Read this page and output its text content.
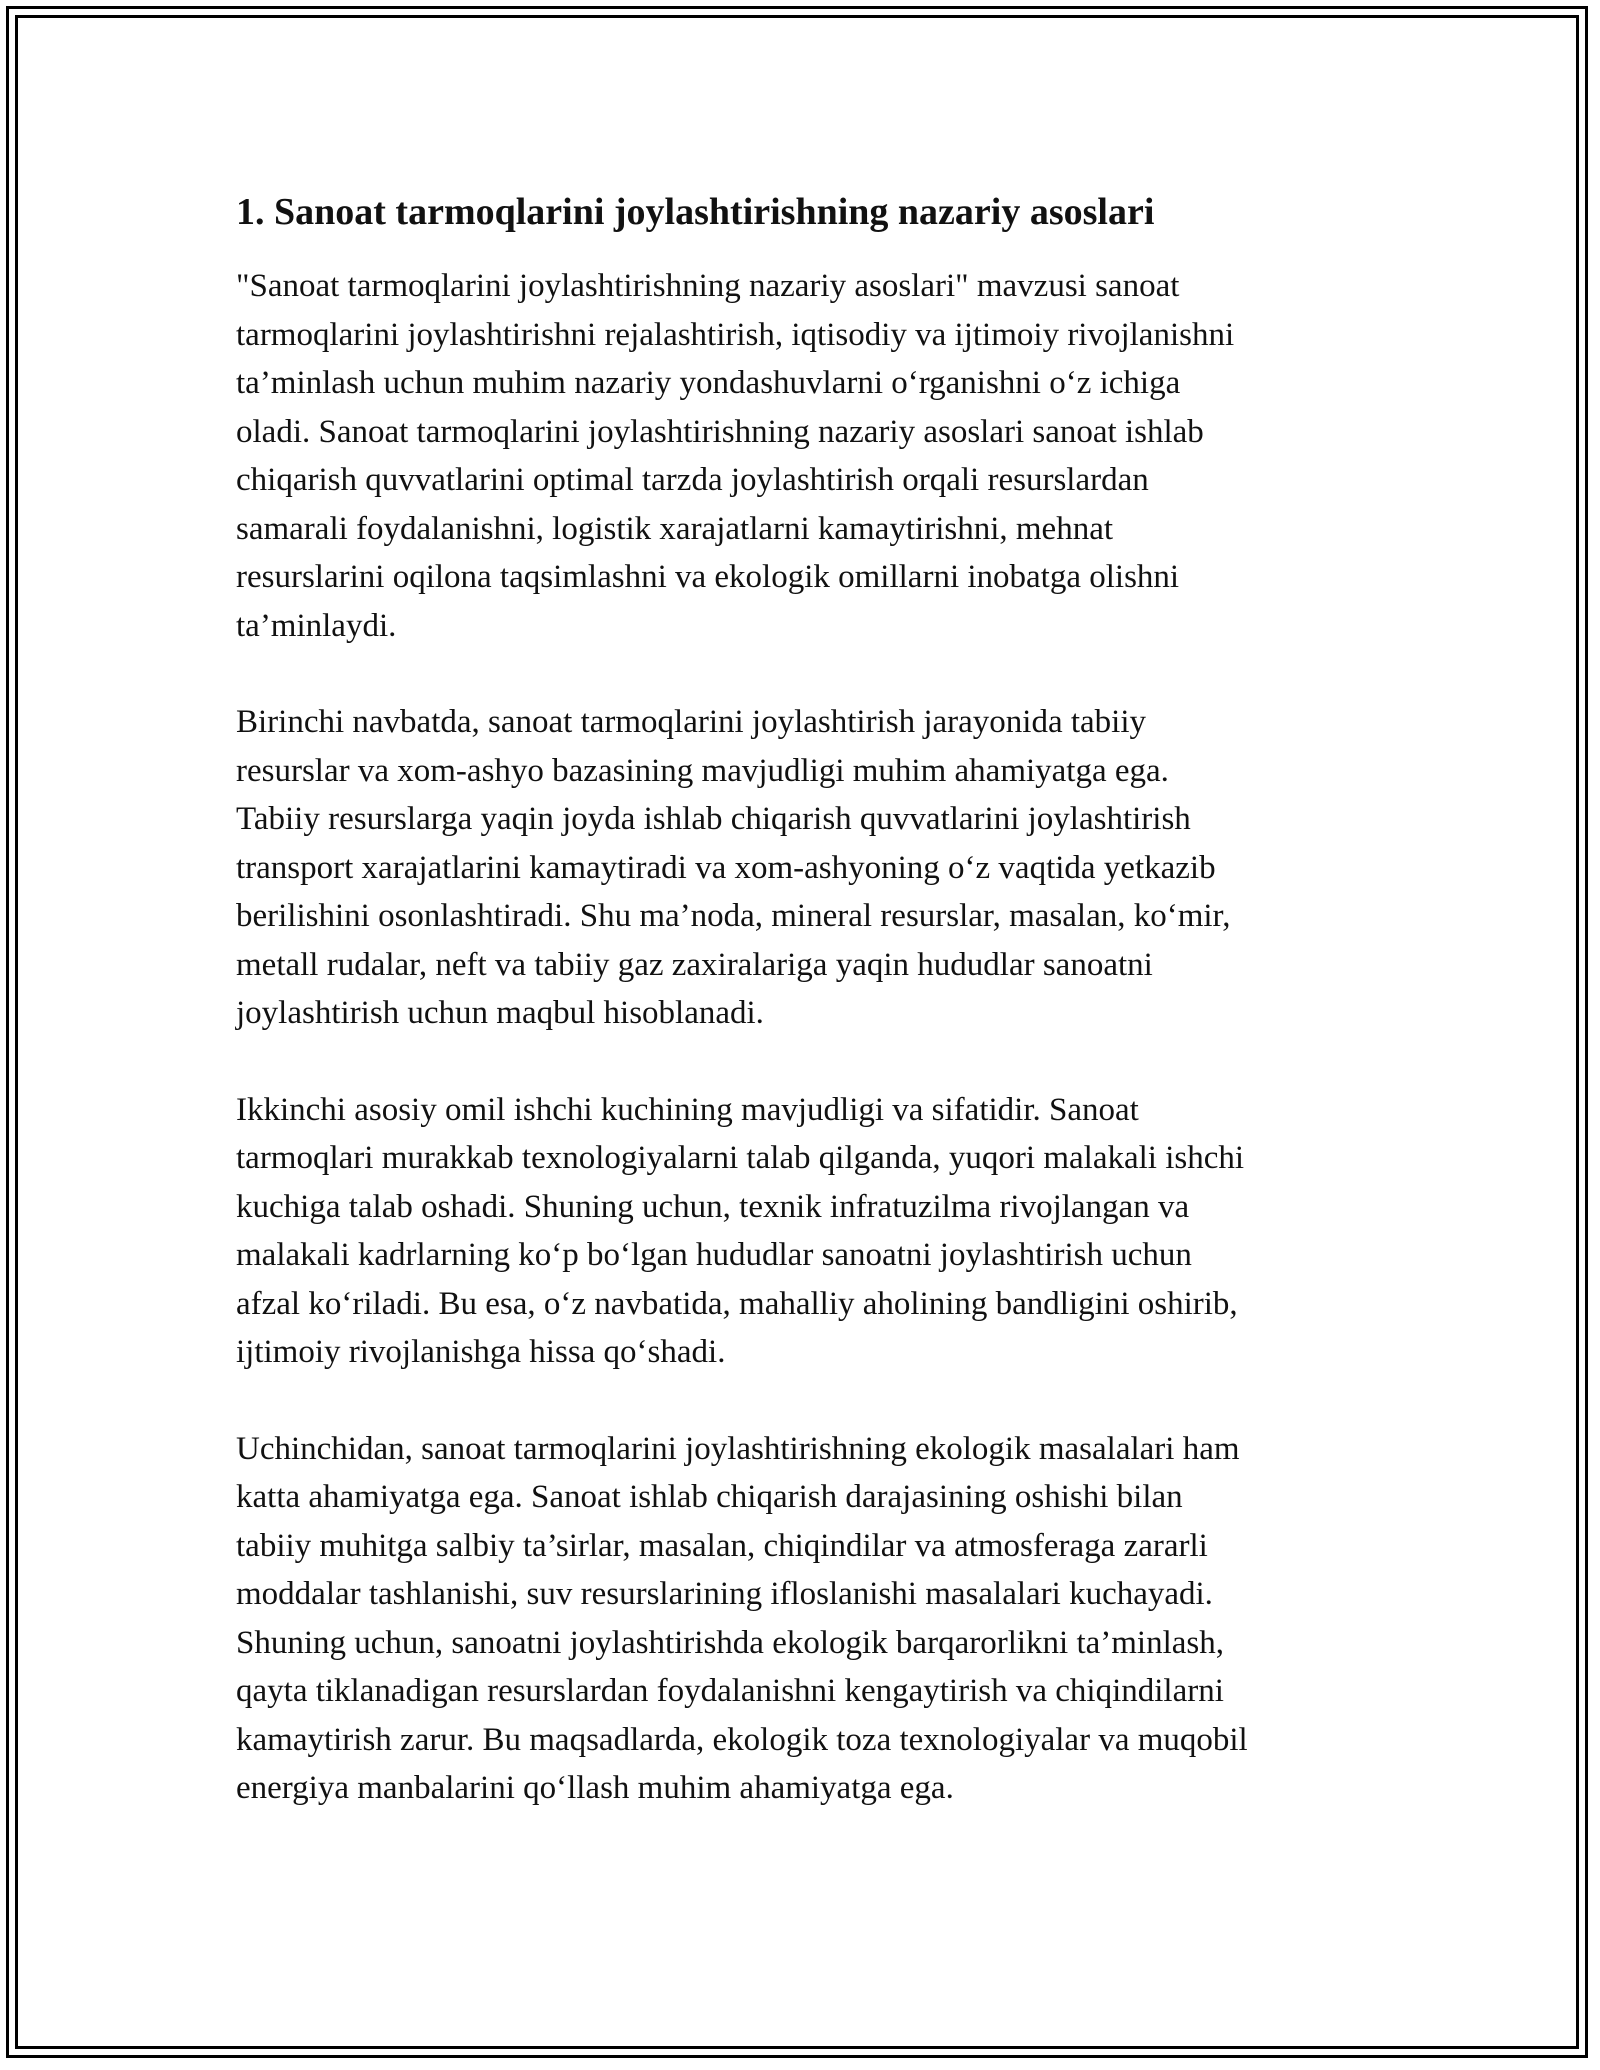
1. Sanoat tarmoqlarini joylashtirishning nazariy asoslari
"Sanoat tarmoqlarini joylashtirishning nazariy asoslari" mavzusi sanoat
tarmoqlarini joylashtirishni rejalashtirish, iqtisodiy va ijtimoiy rivojlanishni
ta’minlash uchun muhim nazariy yondashuvlarni o‘rganishni o‘z ichiga
oladi. Sanoat tarmoqlarini joylashtirishning nazariy asoslari sanoat ishlab
chiqarish quvvatlarini optimal tarzda joylashtirish orqali resurslardan
samarali foydalanishni, logistik xarajatlarni kamaytirishni, mehnat
resurslarini oqilona taqsimlashni va ekologik omillarni inobatga olishni
ta’minlaydi.
Birinchi navbatda, sanoat tarmoqlarini joylashtirish jarayonida tabiiy
resurslar va xom-ashyo bazasining mavjudligi muhim ahamiyatga ega.
Tabiiy resurslarga yaqin joyda ishlab chiqarish quvvatlarini joylashtirish
transport xarajatlarini kamaytiradi va xom-ashyoning o‘z vaqtida yetkazib
berilishini osonlashtiradi. Shu ma’noda, mineral resurslar, masalan, ko‘mir,
metall rudalar, neft va tabiiy gaz zaxiralariga yaqin hududlar sanoatni
joylashtirish uchun maqbul hisoblanadi.
Ikkinchi asosiy omil ishchi kuchining mavjudligi va sifatidir. Sanoat
tarmoqlari murakkab texnologiyalarni talab qilganda, yuqori malakali ishchi
kuchiga talab oshadi. Shuning uchun, texnik infratuzilma rivojlangan va
malakali kadrlarning ko‘p bo‘lgan hududlar sanoatni joylashtirish uchun
afzal ko‘riladi. Bu esa, o‘z navbatida, mahalliy aholining bandligini oshirib,
ijtimoiy rivojlanishga hissa qo‘shadi.
Uchinchidan, sanoat tarmoqlarini joylashtirishning ekologik masalalari ham
katta ahamiyatga ega. Sanoat ishlab chiqarish darajasining oshishi bilan
tabiiy muhitga salbiy ta’sirlar, masalan, chiqindilar va atmosferaga zararli
moddalar tashlanishi, suv resurslarining ifloslanishi masalalari kuchayadi.
Shuning uchun, sanoatni joylashtirishda ekologik barqarorlikni ta’minlash,
qayta tiklanadigan resurslardan foydalanishni kengaytirish va chiqindilarni
kamaytirish zarur. Bu maqsadlarda, ekologik toza texnologiyalar va muqobil
energiya manbalarini qo‘llash muhim ahamiyatga ega.
